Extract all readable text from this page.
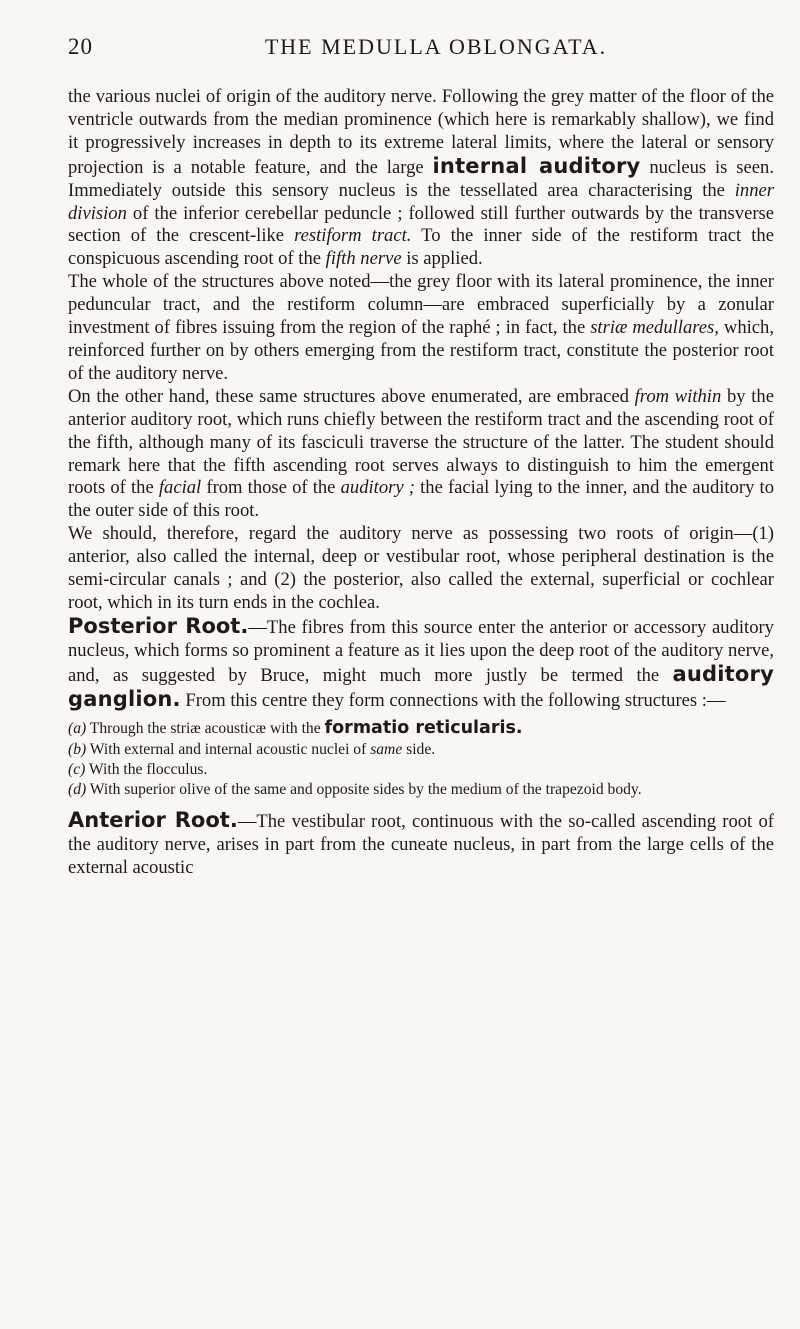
20	THE MEDULLA OBLONGATA.

the various nuclei of origin of the auditory nerve. Following the grey matter of the floor of the ventricle outwards from the median prominence (which here is remarkably shallow), we find it progressively increases in depth to its extreme lateral limits, where the lateral or sensory projection is a notable feature, and the large internal auditory nucleus is seen. Immediately outside this sensory nucleus is the tessellated area characterising the inner division of the inferior cerebellar peduncle ; followed still further outwards by the transverse section of the crescent-like restiform tract. To the inner side of the restiform tract the conspicuous ascending root of the fifth nerve is applied.

The whole of the structures above noted—the grey floor with its lateral prominence, the inner peduncular tract, and the restiform column—are embraced superficially by a zonular investment of fibres issuing from the region of the raphé ; in fact, the striæ medullares, which, reinforced further on by others emerging from the restiform tract, constitute the posterior root of the auditory nerve.

On the other hand, these same structures above enumerated, are embraced from within by the anterior auditory root, which runs chiefly between the restiform tract and the ascending root of the fifth, although many of its fasciculi traverse the structure of the latter. The student should remark here that the fifth ascending root serves always to distinguish to him the emergent roots of the facial from those of the auditory ; the facial lying to the inner, and the auditory to the outer side of this root.

We should, therefore, regard the auditory nerve as possessing two roots of origin—(1) anterior, also called the internal, deep or vestibular root, whose peripheral destination is the semi-circular canals ; and (2) the posterior, also called the external, superficial or cochlear root, which in its turn ends in the cochlea.

Posterior Root.—The fibres from this source enter the anterior or accessory auditory nucleus, which forms so prominent a feature as it lies upon the deep root of the auditory nerve, and, as suggested by Bruce, might much more justly be termed the auditory ganglion. From this centre they form connections with the following structures :—

(a) Through the striæ acousticæ with the formatio reticularis.

(b) With external and internal acoustic nuclei of same side.

(c) With the flocculus.

(d) With superior olive of the same and opposite sides by the medium of the trapezoid body.

Anterior Root.—The vestibular root, continuous with the so-called ascending root of the auditory nerve, arises in part from the cuneate nucleus, in part from the large cells of the external acoustic
